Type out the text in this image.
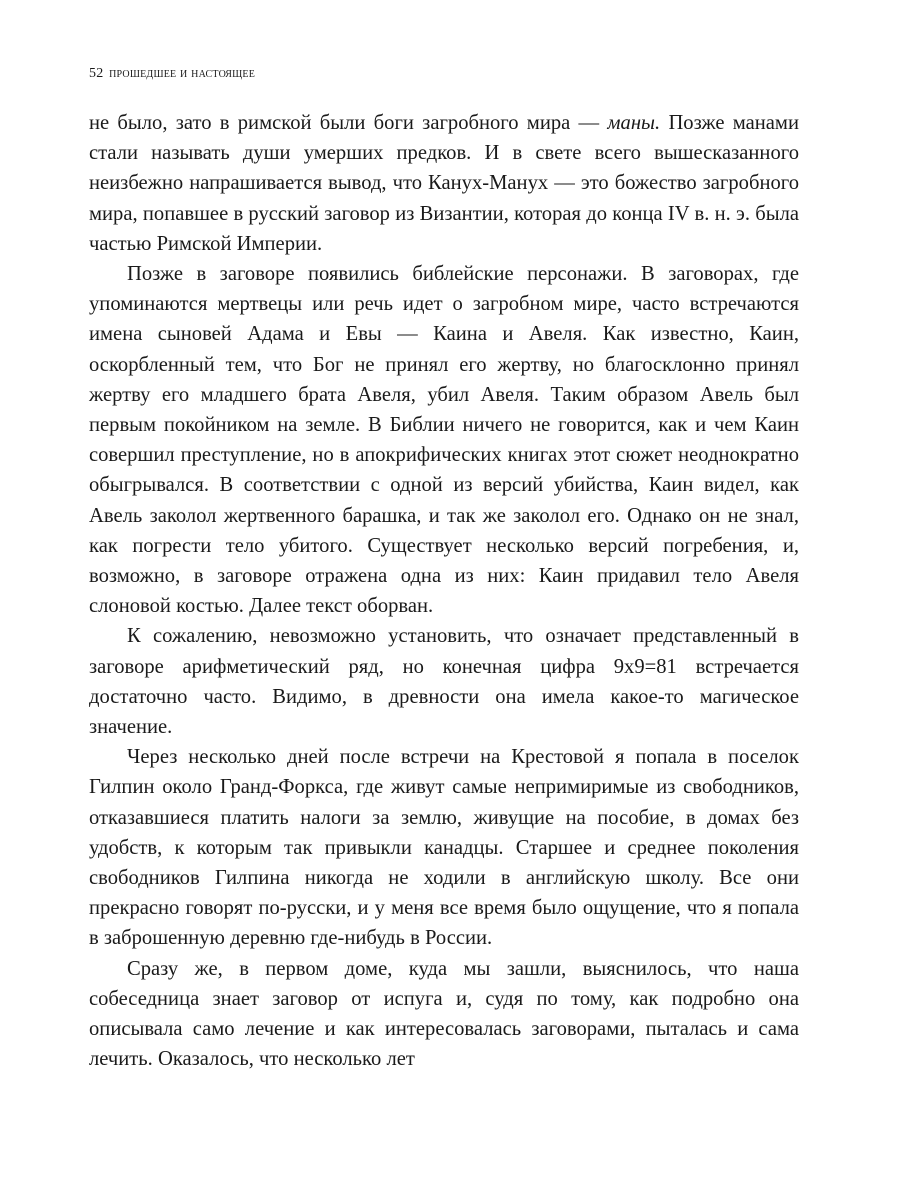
52 прошедшее и настоящее

не было, зато в римской были боги загробного мира — маны. Позже манами стали называть души умерших предков. И в свете всего вышесказанного неизбежно напрашивается вывод, что Канух-Манух — это божество загробного мира, попавшее в русский заговор из Византии, которая до конца IV в. н. э. была частью Римской Империи.

Позже в заговоре появились библейские персонажи. В заговорах, где упоминаются мертвецы или речь идет о загробном мире, часто встречаются имена сыновей Адама и Евы — Каина и Авеля. Как известно, Каин, оскорбленный тем, что Бог не принял его жертву, но благосклонно принял жертву его младшего брата Авеля, убил Авеля. Таким образом Авель был первым покойником на земле. В Библии ничего не говорится, как и чем Каин совершил преступление, но в апокрифических книгах этот сюжет неоднократно обыгрывался. В соответствии с одной из версий убийства, Каин видел, как Авель заколол жертвенного барашка, и так же заколол его. Однако он не знал, как погрести тело убитого. Существует несколько версий погребения, и, возможно, в заговоре отражена одна из них: Каин придавил тело Авеля слоновой костью. Далее текст оборван.

К сожалению, невозможно установить, что означает представленный в заговоре арифметический ряд, но конечная цифра 9x9=81 встречается достаточно часто. Видимо, в древности она имела какое-то магическое значение.

Через несколько дней после встречи на Крестовой я попала в поселок Гилпин около Гранд-Форкса, где живут самые непримиримые из свободников, отказавшиеся платить налоги за землю, живущие на пособие, в домах без удобств, к которым так привыкли канадцы. Старшее и среднее поколения свободников Гилпина никогда не ходили в английскую школу. Все они прекрасно говорят по-русски, и у меня все время было ощущение, что я попала в заброшенную деревню где-нибудь в России.

Сразу же, в первом доме, куда мы зашли, выяснилось, что наша собеседница знает заговор от испуга и, судя по тому, как подробно она описывала само лечение и как интересовалась заговорами, пыталась и сама лечить. Оказалось, что несколько лет
